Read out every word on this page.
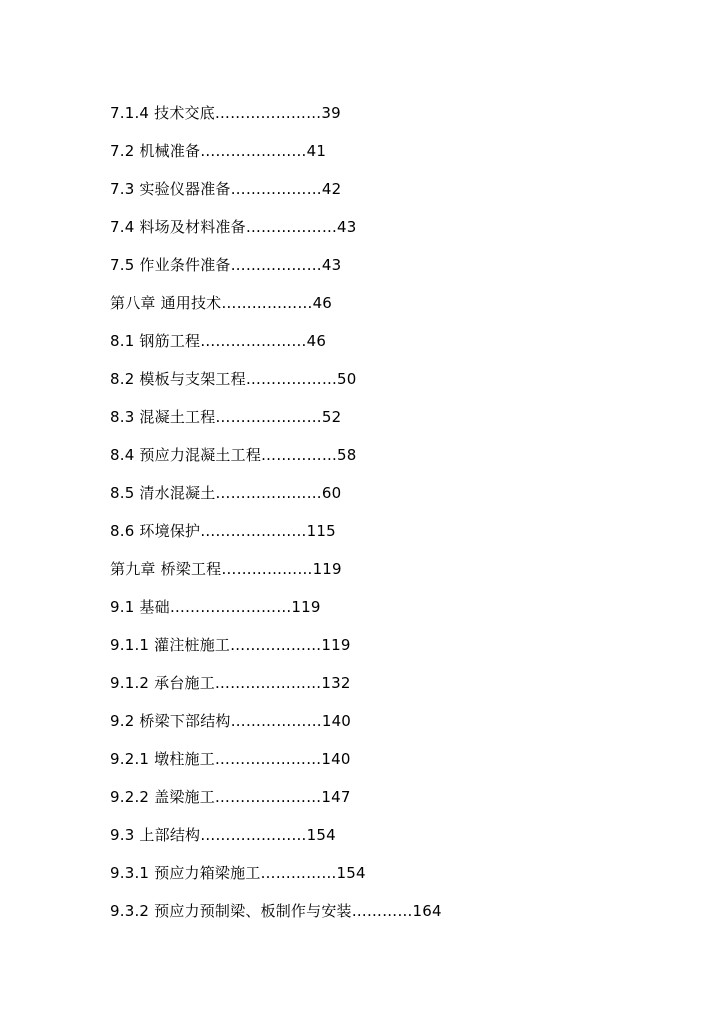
7.1.4 技术交底…………………39
7.2 机械准备…………………41
7.3 实验仪器准备………………42
7.4 料场及材料准备………………43
7.5 作业条件准备………………43
第八章 通用技术………………46
8.1 钢筋工程…………………46
8.2 模板与支架工程………………50
8.3 混凝土工程…………………52
8.4 预应力混凝土工程……………58
8.5 清水混凝土…………………60
8.6 环境保护…………………115
第九章 桥梁工程………………119
9.1 基础……………………119
9.1.1 灌注桩施工………………119
9.1.2 承台施工…………………132
9.2 桥梁下部结构………………140
9.2.1 墩柱施工…………………140
9.2.2 盖梁施工…………………147
9.3 上部结构…………………154
9.3.1 预应力箱梁施工……………154
9.3.2 预应力预制梁、板制作与安装…………164
